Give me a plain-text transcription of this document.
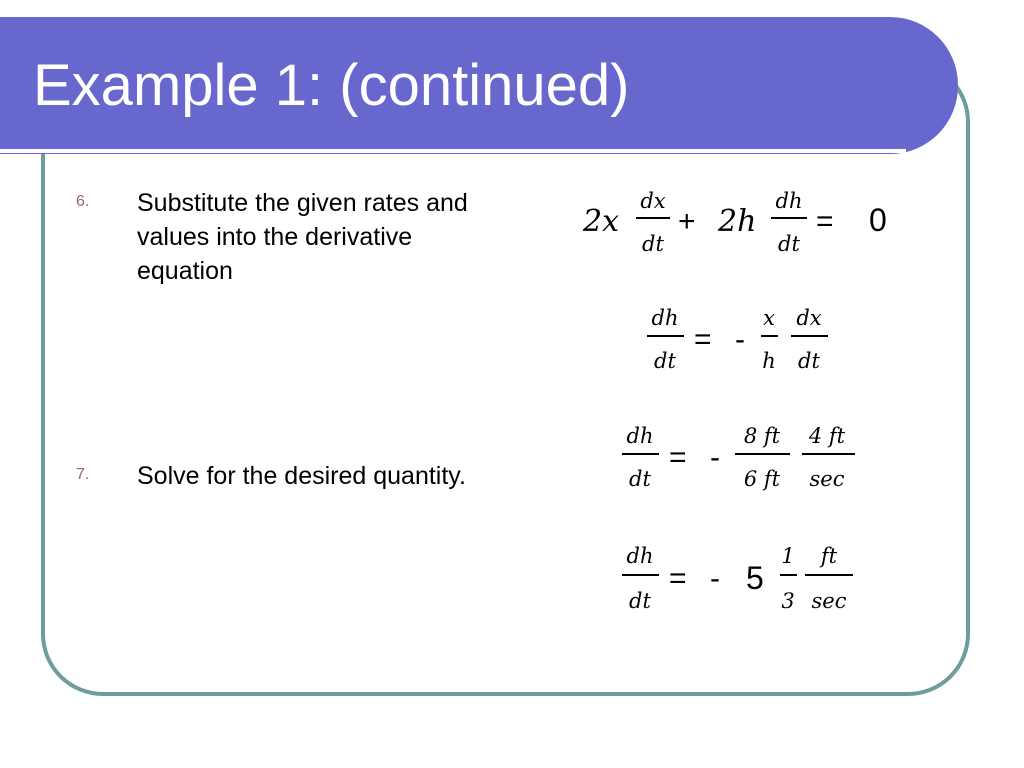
Example 1: (continued)
6. Substitute the given rates and values into the derivative equation
7. Solve for the desired quantity.
2x
dx
dt
+ 2h
dh
dt
= 0
dh
dt
= -
x
h
dx
dt
dh
dt
= -
8 ft
6 ft
4 ft
sec
dh
dt
= - 5
1
3
ft
sec
